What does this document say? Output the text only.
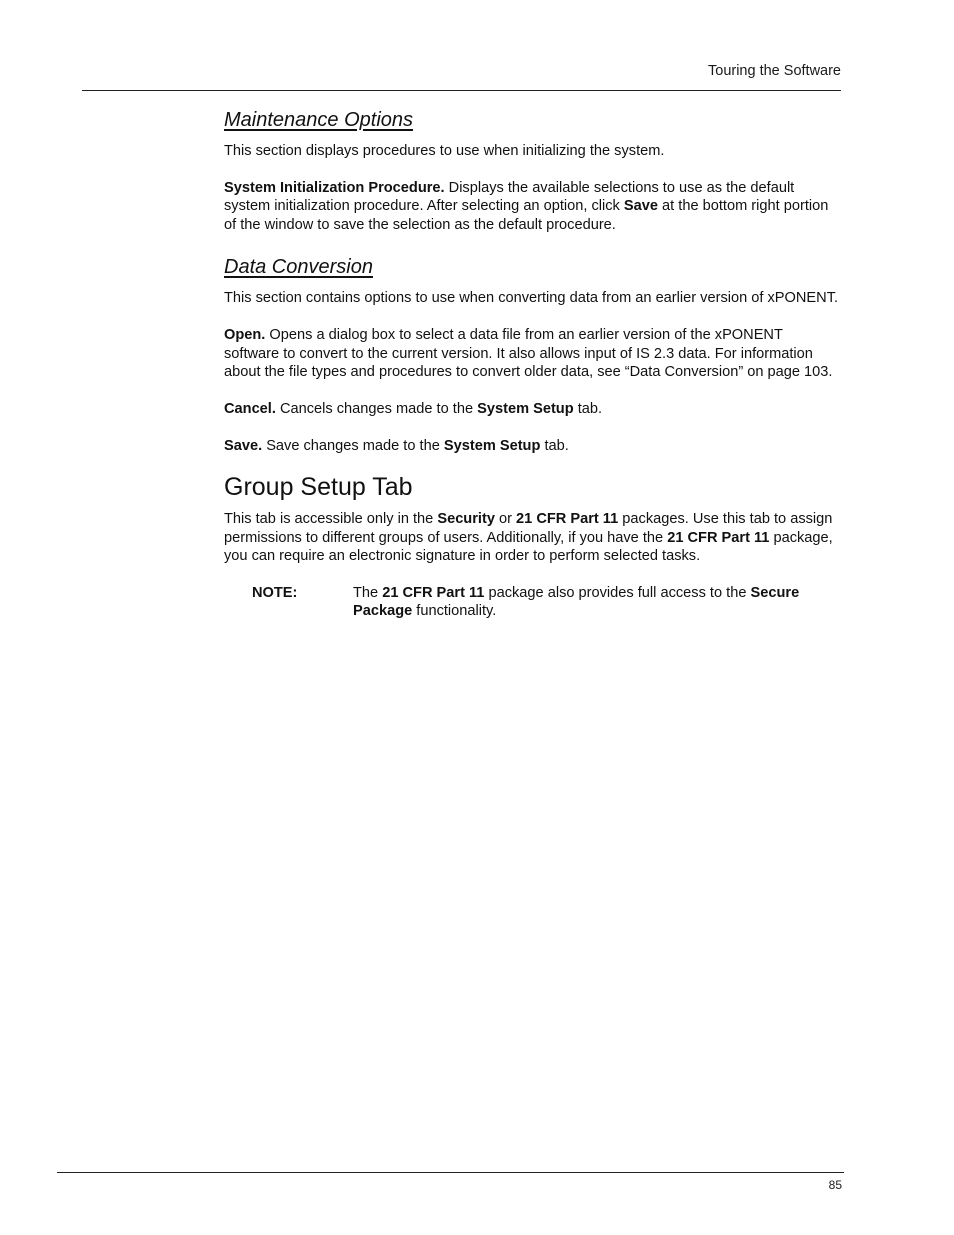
Touring the Software
Maintenance Options

This section displays procedures to use when initializing the system.

System Initialization Procedure. Displays the available selections to use as the default system initialization procedure. After selecting an option, click Save at the bottom right portion of the window to save the selection as the default procedure.

Data Conversion

This section contains options to use when converting data from an earlier version of xPONENT.

Open. Opens a dialog box to select a data file from an earlier version of the xPONENT software to convert to the current version. It also allows input of IS 2.3 data. For information about the file types and procedures to convert older data, see “Data Conversion” on page 103.

Cancel. Cancels changes made to the System Setup tab.

Save. Save changes made to the System Setup tab.

Group Setup Tab

This tab is accessible only in the Security or 21 CFR Part 11 packages. Use this tab to assign permissions to different groups of users. Additionally, if you have the 21 CFR Part 11 package, you can require an electronic signature in order to perform selected tasks.

NOTE:	The 21 CFR Part 11 package also provides full access to the Secure Package functionality.
85
